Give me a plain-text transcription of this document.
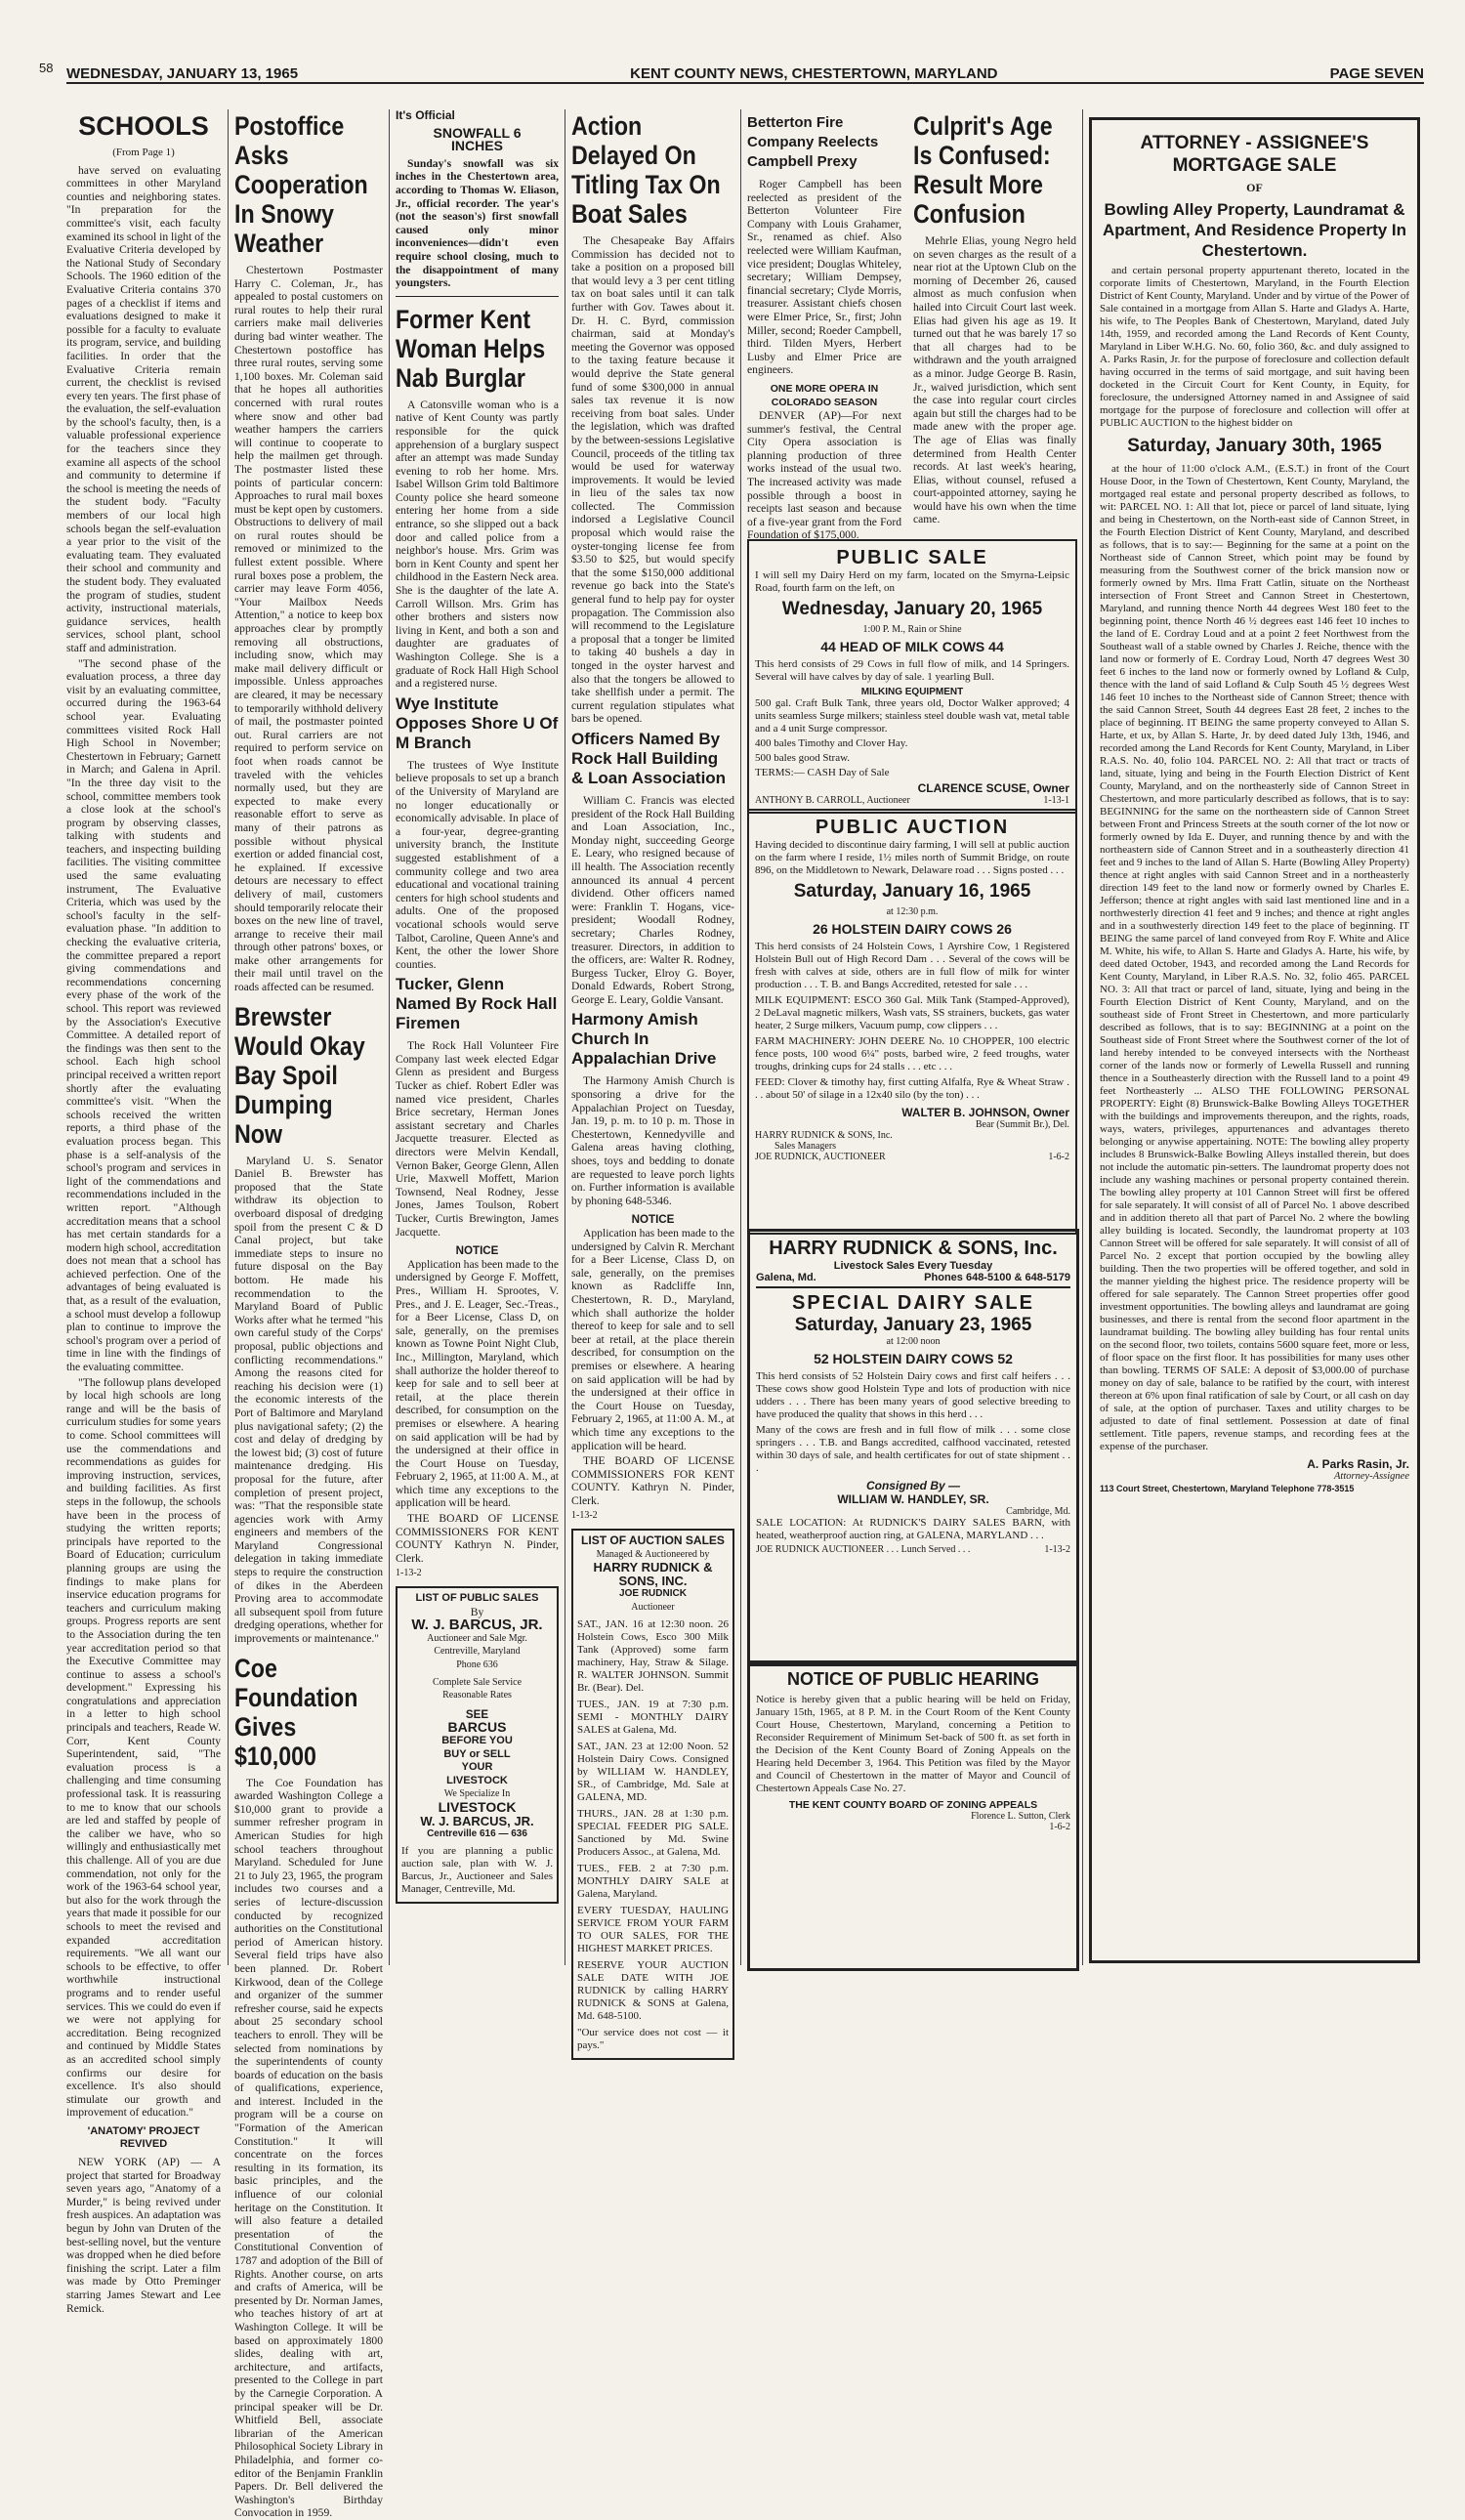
58 WEDNESDAY, JANUARY 13, 1965	KENT COUNTY NEWS, CHESTERTOWN, MARYLAND	PAGE SEVEN
SCHOOLS
(From Page 1)

have served on evaluating committees in other Maryland counties and neighboring states. "In preparation for the committee's visit, each faculty examined its school in light of the Evaluative Criteria developed by the National Study of Secondary Schools. The 1960 edition of the Evaluative Criteria contains 370 pages of a checklist if items and evaluations designed to make it possible for a faculty to evaluate its program, service, and building facilities. In order that the Evaluative Criteria remain current, the checklist is revised every ten years. The first phase of the evaluation, the self-evaluation by the school's faculty, then, is a valuable professional experience for the teachers since they examine all aspects of the school and community to determine if the school is meeting the needs of the student body. "Faculty members of our local high schools began the self-evaluation a year prior to the visit of the evaluating team. They evaluated their school and community and the student body. They evaluated the program of studies, student activity, instructional materials, guidance services, health services, school plant, school staff and administration.

"The second phase of the evaluation process, a three day visit by an evaluating committee, occurred during the 1963-64 school year. Evaluating committees visited Rock Hall High School in November; Chestertown in February; Garnett in March; and Galena in April. "In the three day visit to the school, committee members took a close look at the school's program by observing classes, talking with students and teachers, and inspecting building facilities. The visiting committee used the same evaluating instrument, The Evaluative Criteria, which was used by the school's faculty in the self-evaluation phase. "In addition to checking the evaluative criteria, the committee prepared a report giving commendations and recommendations concerning every phase of the work of the school. This report was reviewed by the Association's Executive Committee. A detailed report of the findings was then sent to the school. Each high school principal received a written report shortly after the evaluating committee's visit. "When the schools received the written reports, a third phase of the evaluation process began. This phase is a self-analysis of the school's program and services in light of the commendations and recommendations included in the written report. "Although accreditation means that a school has met certain standards for a modern high school, accreditation does not mean that a school has achieved perfection. One of the advantages of being evaluated is that, as a result of the evaluation, a school must develop a followup plan to continue to improve the school's program over a period of time in line with the findings of the evaluating committee.

"The followup plans developed by local high schools are long range and will be the basis of curriculum studies for some years to come. School committees will use the commendations and recommendations as guides for improving instruction, services, and building facilities. As first steps in the followup, the schools have been in the process of studying the written reports; principals have reported to the Board of Education; curriculum planning groups are using the findings to make plans for inservice education programs for teachers and curriculum making groups. Progress reports are sent to the Association during the ten year accreditation period so that the Executive Committee may continue to assess a school's development." Expressing his congratulations and appreciation in a letter to high school principals and teachers, Reade W. Corr, Kent County Superintendent, said, "The evaluation process is a challenging and time consuming professional task. It is reassuring to me to know that our schools are led and staffed by people of the caliber we have, who so willingly and enthusiastically met this challenge. All of you are due commendation, not only for the work of the 1963-64 school year, but also for the work through the years that made it possible for our schools to meet the revised and expanded accreditation requirements. "We all want our schools to be effective, to offer worthwhile instructional programs and to render useful services. This we could do even if we were not applying for accreditation. Being recognized and continued by Middle States as an accredited school simply confirms our desire for excellence. It's also should stimulate our growth and improvement of education."

'ANATOMY' PROJECT REVIVED

NEW YORK (AP) — A project that started for Broadway seven years ago, "Anatomy of a Murder," is being revived under fresh auspices. An adaptation was begun by John van Druten of the best-selling novel, but the venture was dropped when he died before finishing the script. Later a film was made by Otto Preminger starring James Stewart and Lee Remick.

Postoffice Asks Cooperation In Snowy Weather

Chestertown Postmaster Harry C. Coleman, Jr., has appealed to postal customers on rural routes to help their rural carriers make mail deliveries during bad winter weather. The Chestertown postoffice has three rural routes, serving some 1,100 boxes. Mr. Coleman said that he hopes all authorities concerned with rural routes where snow and other bad weather hampers the carriers will continue to cooperate to help the mailmen get through. The postmaster listed these points of particular concern: Approaches to rural mail boxes must be kept open by customers. Obstructions to delivery of mail on rural routes should be removed or minimized to the fullest extent possible. Where rural boxes pose a problem, the carrier may leave Form 4056, "Your Mailbox Needs Attention," a notice to keep box approaches clear by promptly removing all obstructions, including snow, which may make mail delivery difficult or impossible. Unless approaches are cleared, it may be necessary to temporarily withhold delivery of mail, the postmaster pointed out. Rural carriers are not required to perform service on foot when roads cannot be traveled with the vehicles normally used, but they are expected to make every reasonable effort to serve as many of their patrons as possible without physical exertion or added financial cost, he explained. If excessive detours are necessary to effect delivery of mail, customers should temporarily relocate their boxes on the new line of travel, arrange to receive their mail through other patrons' boxes, or make other arrangements for their mail until travel on the roads affected can be resumed.

Brewster Would Okay Bay Spoil Dumping Now

Maryland U. S. Senator Daniel B. Brewster has proposed that the State withdraw its objection to overboard disposal of dredging spoil from the present C & D Canal project, but take immediate steps to insure no future disposal on the Bay bottom. He made his recommendation to the Maryland Board of Public Works after what he termed "his own careful study of the Corps' proposal, public objections and conflicting recommendations." Among the reasons cited for reaching his decision were (1) the economic interests of the Port of Baltimore and Maryland plus navigational safety; (2) the cost and delay of dredging by the lowest bid; (3) cost of future maintenance dredging. His proposal for the future, after completion of present project, was: "That the responsible state agencies work with Army engineers and members of the Maryland Congressional delegation in taking immediate steps to require the construction of dikes in the Aberdeen Proving area to accommodate all subsequent spoil from future dredging operations, whether for improvements or maintenance."

Coe Foundation Gives $10,000

The Coe Foundation has awarded Washington College a $10,000 grant to provide a summer refresher program in American Studies for high school teachers throughout Maryland. Scheduled for June 21 to July 23, 1965, the program includes two courses and a series of lecture-discussion conducted by recognized authorities on the Constitutional period of American history. Several field trips have also been planned. Dr. Robert Kirkwood, dean of the College and organizer of the summer refresher course, said he expects about 25 secondary school teachers to enroll. They will be selected from nominations by the superintendents of county boards of education on the basis of qualifications, experience, and interest. Included in the program will be a course on "Formation of the American Constitution." It will concentrate on the forces resulting in its formation, its basic principles, and the influence of our colonial heritage on the Constitution. It will also feature a detailed presentation of the Constitutional Convention of 1787 and adoption of the Bill of Rights. Another course, on arts and crafts of America, will be presented by Dr. Norman James, who teaches history of art at Washington College. It will be based on approximately 1800 slides, dealing with art, architecture, and artifacts, presented to the College in part by the Carnegie Corporation. A principal speaker will be Dr. Whitfield Bell, associate librarian of the American Philosophical Society Library in Philadelphia, and former co-editor of the Benjamin Franklin Papers. Dr. Bell delivered the Washington's Birthday Convocation in 1959.

It's Official
SNOWFALL 6 INCHES

Sunday's snowfall was six inches in the Chestertown area, according to Thomas W. Eliason, Jr., official recorder. The year's (not the season's) first snowfall caused only minor inconveniences—didn't even require school closing, much to the disappointment of many youngsters.

Former Kent Woman Helps Nab Burglar

A Catonsville woman who is a native of Kent County was partly responsible for the quick apprehension of a burglary suspect after an attempt was made Sunday evening to rob her home. Mrs. Isabel Willson Grim told Baltimore County police she heard someone entering her home from a side entrance, so she slipped out a back door and called police from a neighbor's house. Mrs. Grim was born in Kent County and spent her childhood in the Eastern Neck area. She is the daughter of the late A. Carroll Willson. Mrs. Grim has other brothers and sisters now living in Kent, and both a son and daughter are graduates of Washington College. She is a graduate of Rock Hall High School and a registered nurse.

Wye Institute Opposes Shore U Of M Branch

The trustees of Wye Institute believe proposals to set up a branch of the University of Maryland are no longer educationally or economically advisable. In place of a four-year, degree-granting university branch, the Institute suggested establishment of a community college and two area educational and vocational training centers for high school students and adults. One of the proposed vocational schools would serve Talbot, Caroline, Queen Anne's and Kent, the other the lower Shore counties.

Tucker, Glenn Named By Rock Hall Firemen

The Rock Hall Volunteer Fire Company last week elected Edgar Glenn as president and Burgess Tucker as chief. Robert Edler was named vice president, Charles Brice secretary, Herman Jones assistant secretary and Charles Jacquette treasurer. Elected as directors were Melvin Kendall, Vernon Baker, George Glenn, Allen Urie, Maxwell Moffett, Marion Townsend, Neal Rodney, Jesse Jones, James Toulson, Robert Tucker, Curtis Brewington, James Jacquette.

NOTICE

Application has been made to the undersigned by George F. Moffett, Pres., William H. Sprootes, V. Pres., and J. E. Leager, Sec.-Treas., for a Beer License, Class D, on sale, generally, on the premises known as Towne Point Night Club, Inc., Millington, Maryland, which shall authorize the holder thereof to keep for sale and to sell beer at retail, at the place therein described, for consumption on the premises or elsewhere. A hearing on said application will be had by the undersigned at their office in the Court House on Tuesday, February 2, 1965, at 11:00 A. M., at which time any exceptions to the application will be heard.

THE BOARD OF LICENSE COMMISSIONERS FOR KENT COUNTY Kathryn N. Pinder, Clerk.

1-13-2
LIST OF PUBLIC SALES
By
W. J. BARCUS, JR.
Auctioneer and Sale Mgr.
Centreville, Maryland
Phone 636
Complete Sale Service
Reasonable Rates
SEE
BARCUS
BEFORE YOU
BUY or SELL
YOUR
LIVESTOCK
We Specialize In
LIVESTOCK
W. J. BARCUS, JR.
Centreville 616 — 636

If you are planning a public auction sale, plan with W. J. Barcus, Jr., Auctioneer and Sales Manager, Centreville, Md.

Action Delayed On Titling Tax On Boat Sales

The Chesapeake Bay Affairs Commission has decided not to take a position on a proposed bill that would levy a 3 per cent titling tax on boat sales until it can talk further with Gov. Tawes about it. Dr. H. C. Byrd, commission chairman, said at Monday's meeting the Governor was opposed to the taxing feature because it would deprive the State general fund of some $300,000 in annual sales tax revenue it is now receiving from boat sales. Under the legislation, which was drafted by the between-sessions Legislative Council, proceeds of the titling tax would be used for waterway improvements. It would be levied in lieu of the sales tax now collected. The Commission indorsed a Legislative Council proposal which would raise the oyster-tonging license fee from $3.50 to $25, but would specify that the some $150,000 additional revenue go back into the State's general fund to help pay for oyster propagation. The Commission also will recommend to the Legislature a proposal that a tonger be limited to taking 40 bushels a day in tonged in the oyster harvest and also that the tongers be allowed to take shellfish under a permit. The current regulation stipulates what bars be opened.

Officers Named By Rock Hall Building & Loan Association

William C. Francis was elected president of the Rock Hall Building and Loan Association, Inc., Monday night, succeeding George E. Leary, who resigned because of ill health. The Association recently announced its annual 4 percent dividend. Other officers named were: Franklin T. Hogans, vice-president; Woodall Rodney, secretary; Charles Rodney, treasurer. Directors, in addition to the officers, are: Walter R. Rodney, Burgess Tucker, Elroy G. Boyer, Donald Edwards, Robert Strong, George E. Leary, Goldie Vansant.

Harmony Amish Church In Appalachian Drive

The Harmony Amish Church is sponsoring a drive for the Appalachian Project on Tuesday, Jan. 19, p. m. to 10 p. m. Those in Chestertown, Kennedyville and Galena areas having clothing, shoes, toys and bedding to donate are requested to leave porch lights on. Further information is available by phoning 648-5346.

NOTICE

Application has been made to the undersigned by Calvin R. Merchant for a Beer License, Class D, on sale, generally, on the premises known as Radcliffe Inn, Chestertown, R. D., Maryland, which shall authorize the holder thereof to keep for sale and to sell beer at retail, at the place therein described, for consumption on the premises or elsewhere. A hearing on said application will be had by the undersigned at their office in the Court House on Tuesday, February 2, 1965, at 11:00 A. M., at which time any exceptions to the application will be heard.

THE BOARD OF LICENSE COMMISSIONERS FOR KENT COUNTY. Kathryn N. Pinder, Clerk.

1-13-2
LIST OF AUCTION SALES
Managed & Auctioneered by
HARRY RUDNICK & SONS, INC.
JOE RUDNICK
Auctioneer

SAT., JAN. 16 at 12:30 noon. 26 Holstein Cows, Esco 300 Milk Tank (Approved) some farm machinery, Hay, Straw & Silage. R. WALTER JOHNSON. Summit Br. (Bear). Del.

TUES., JAN. 19 at 7:30 p.m. SEMI - MONTHLY DAIRY SALES at Galena, Md.

SAT., JAN. 23 at 12:00 Noon. 52 Holstein Dairy Cows. Consigned by WILLIAM W. HANDLEY, SR., of Cambridge, Md. Sale at GALENA, MD.

THURS., JAN. 28 at 1:30 p.m. SPECIAL FEEDER PIG SALE. Sanctioned by Md. Swine Producers Assoc., at Galena, Md.

TUES., FEB. 2 at 7:30 p.m. MONTHLY DAIRY SALE at Galena, Maryland.

EVERY TUESDAY, HAULING SERVICE FROM YOUR FARM TO OUR SALES, FOR THE HIGHEST MARKET PRICES.

RESERVE YOUR AUCTION SALE DATE WITH JOE RUDNICK by calling HARRY RUDNICK & SONS at Galena, Md. 648-5100.

"Our service does not cost — it pays."

Betterton Fire Company Reelects Campbell Prexy

Roger Campbell has been reelected as president of the Betterton Volunteer Fire Company with Louis Grahamer, Sr., renamed as chief. Also reelected were William Kaufman, vice president; Douglas Whiteley, secretary; William Dempsey, financial secretary; Clyde Morris, treasurer. Assistant chiefs chosen were Elmer Price, Sr., first; John Miller, second; Roeder Campbell, third. Tilden Myers, Herbert Lusby and Elmer Price are engineers.

ONE MORE OPERA IN COLORADO SEASON

DENVER (AP)—For next summer's festival, the Central City Opera association is planning production of three works instead of the usual two. The increased activity was made possible through a boost in receipts last season and because of a five-year grant from the Ford Foundation of $175,000.

Culprit's Age Is Confused: Result More Confusion

Mehrle Elias, young Negro held on seven charges as the result of a near riot at the Uptown Club on the morning of December 26, caused almost as much confusion when hailed into Circuit Court last week. Elias had given his age as 19. It turned out that he was barely 17 so that all charges had to be withdrawn and the youth arraigned as a minor. Judge George B. Rasin, Jr., waived jurisdiction, which sent the case into regular court circles again but still the charges had to be made anew with the proper age. The age of Elias was finally determined from Health Center records. At last week's hearing, Elias, without counsel, refused a court-appointed attorney, saying he would have his own when the time came.

PUBLIC SALE

I will sell my Dairy Herd on my farm, located on the Smyrna-Leipsic Road, fourth farm on the left, on

Wednesday, January 20, 1965
1:00 P. M., Rain or Shine
44 HEAD OF MILK COWS 44

This herd consists of 29 Cows in full flow of milk, and 14 Springers. Several will have calves by day of sale. 1 yearling Bull.

MILKING EQUIPMENT

500 gal. Craft Bulk Tank, three years old, Doctor Walker approved; 4 units seamless Surge milkers; stainless steel double wash vat, metal table and a 4 unit Surge compressor.

400 bales Timothy and Clover Hay.

500 bales good Straw.

TERMS:— CASH Day of Sale

CLARENCE SCUSE, Owner
ANTHONY B. CARROLL, Auctioneer	1-13-1
PUBLIC AUCTION

Having decided to discontinue dairy farming, I will sell at public auction on the farm where I reside, 1½ miles north of Summit Bridge, on route 896, on the Middletown to Newark, Delaware road . . . Signs posted . . .

Saturday, January 16, 1965
at 12:30 p.m.
26 HOLSTEIN DAIRY COWS 26

This herd consists of 24 Holstein Cows, 1 Ayrshire Cow, 1 Registered Holstein Bull out of High Record Dam . . . Several of the cows will be fresh with calves at side, others are in full flow of milk for winter production . . . T. B. and Bangs Accredited, retested for sale . . .

MILK EQUIPMENT: ESCO 360 Gal. Milk Tank (Stamped-Approved), 2 DeLaval magnetic milkers, Wash vats, SS strainers, buckets, gas water heater, 2 Surge milkers, Vacuum pump, cow clippers . . .

FARM MACHINERY: JOHN DEERE No. 10 CHOPPER, 100 electric fence posts, 100 wood 6¼" posts, barbed wire, 2 feed troughs, water troughs, drinking cups for 24 stalls . . . etc . . .

FEED: Clover & timothy hay, first cutting Alfalfa, Rye & Wheat Straw . . . about 50' of silage in a 12x40 silo (by the ton) . . .

WALTER B. JOHNSON, Owner
Bear (Summit Br.), Del.
HARRY RUDNICK & SONS, Inc.
Sales Managers
JOE RUDNICK, AUCTIONEER	1-6-2
HARRY RUDNICK & SONS, Inc.
Livestock Sales Every Tuesday
Galena, Md.	Phones 648-5100 & 648-5179
SPECIAL DAIRY SALE
Saturday, January 23, 1965
at 12:00 noon
52 HOLSTEIN DAIRY COWS 52

This herd consists of 52 Holstein Dairy cows and first calf heifers . . . These cows show good Holstein Type and lots of production with nice udders . . . There has been many years of good selective breeding to have produced the quality that shows in this herd . . .

Many of the cows are fresh and in full flow of milk . . . some close springers . . . T.B. and Bangs accredited, calfhood vaccinated, retested within 30 days of sale, and health certificates for out of state shipment . . .

Consigned By —
WILLIAM W. HANDLEY, SR.
Cambridge, Md.

SALE LOCATION: At RUDNICK'S DAIRY SALES BARN, with heated, weatherproof auction ring, at GALENA, MARYLAND . . .

JOE RUDNICK AUCTIONEER . . . Lunch Served . . .	1-13-2
NOTICE OF PUBLIC HEARING

Notice is hereby given that a public hearing will be held on Friday, January 15th, 1965, at 8 P. M. in the Court Room of the Kent County Court House, Chestertown, Maryland, concerning a Petition to Reconsider Requirement of Minimum Set-back of 500 ft. as set forth in the Decision of the Kent County Board of Zoning Appeals on the Hearing held December 3, 1964. This Petition was filed by the Mayor and Council of Chestertown in the matter of Mayor and Council of Chestertown Appeals Case No. 27.

THE KENT COUNTY BOARD OF ZONING APPEALS
Florence L. Sutton, Clerk
1-6-2
ATTORNEY - ASSIGNEE'S MORTGAGE SALE
OF
Bowling Alley Property, Laundramat & Apartment, And Residence Property In Chestertown.

and certain personal property appurtenant thereto, located in the corporate limits of Chestertown, Maryland, in the Fourth Election District of Kent County, Maryland. Under and by virtue of the Power of Sale contained in a mortgage from Allan S. Harte and Gladys A. Harte, his wife, to The Peoples Bank of Chestertown, Maryland, dated July 14th, 1959, and recorded among the Land Records of Kent County, Maryland in Liber W.H.G. No. 60, folio 360, &c. and duly assigned to A. Parks Rasin, Jr. for the purpose of foreclosure and collection default having occurred in the terms of said mortgage, and suit having been docketed in the Circuit Court for Kent County, in Equity, for foreclosure, the undersigned Attorney named in and Assignee of said mortgage for the purpose of foreclosure and collection will offer at PUBLIC AUCTION to the highest bidder on

Saturday, January 30th, 1965

at the hour of 11:00 o'clock A.M., (E.S.T.) in front of the Court House Door, in the Town of Chestertown, Kent County, Maryland, the mortgaged real estate and personal property described as follows, to wit: PARCEL NO. 1: All that lot, piece or parcel of land situate, lying and being in Chestertown, on the North-east side of Cannon Street, in the Fourth Election District of Kent County, Maryland, and described as follows, that is to say:— Beginning for the same at a point on the Northeast side of Cannon Street, which point may be found by measuring from the Southwest corner of the brick mansion now or formerly owned by Mrs. Ilma Fratt Catlin, situate on the Northeast intersection of Front Street and Cannon Street in Chestertown, Maryland, and running thence North 44 degrees West 180 feet to the beginning point, thence North 46 ½ degrees east 146 feet 10 inches to the land of E. Cordray Loud and at a point 2 feet Northwest from the Southeast wall of a stable owned by Charles J. Reiche, thence with the land now or formerly of E. Cordray Loud, North 47 degrees West 30 feet 6 inches to the land now or formerly owned by Lofland & Culp, thence with the land of said Lofland & Culp South 45 ½ degrees West 146 feet 10 inches to the Northeast side of Cannon Street; thence with the said Cannon Street, South 44 degrees East 28 feet, 2 inches to the place of beginning. IT BEING the same property conveyed to Allan S. Harte, et ux, by Allan S. Harte, Jr. by deed dated July 13th, 1946, and recorded among the Land Records for Kent County, Maryland, in Liber R.A.S. No. 40, folio 104. PARCEL NO. 2: All that tract or tracts of land, situate, lying and being in the Fourth Election District of Kent County, Maryland, and on the northeasterly side of Cannon Street in Chestertown, and more particularly described as follows, that is to say: BEGINNING for the same on the northeastern side of Cannon Street between Front and Princess Streets at the south corner of the lot now or formerly owned by Ida E. Duyer, and running thence by and with the northeastern side of Cannon Street and in a southeasterly direction 41 feet and 9 inches to the land of Allan S. Harte (Bowling Alley Property) thence at right angles with said Cannon Street and in a northeasterly direction 149 feet to the land now or formerly owned by Charles E. Jefferson; thence at right angles with said last mentioned line and in a northwesterly direction 41 feet and 9 inches; and thence at right angles and in a southwesterly direction 149 feet to the place of beginning. IT BEING the same parcel of land conveyed from Roy F. White and Alice M. White, his wife, to Allan S. Harte and Gladys A. Harte, his wife, by deed dated October, 1943, and recorded among the Land Records for Kent County, Maryland, in Liber R.A.S. No. 32, folio 465. PARCEL NO. 3: All that tract or parcel of land, situate, lying and being in the Fourth Election District of Kent County, Maryland, and on the southeast side of Front Street in Chestertown, and more particularly described as follows, that is to say: BEGINNING at a point on the Southeast side of Front Street where the Southwest corner of the lot of land hereby intended to be conveyed intersects with the Northeast corner of the lands now or formerly of Lewella Russell and running thence in a Southeasterly direction with the Russell land to a point 49 feet Northeasterly ... ALSO THE FOLLOWING PERSONAL PROPERTY: Eight (8) Brunswick-Balke Bowling Alleys TOGETHER with the buildings and improvements thereupon, and the rights, roads, ways, waters, privileges, appurtenances and advantages thereto belonging or anywise appertaining. NOTE: The bowling alley property includes 8 Brunswick-Balke Bowling Alleys installed therein, but does not include the automatic pin-setters. The laundromat property does not include any washing machines or personal property contained therein. The bowling alley property at 101 Cannon Street will first be offered for sale separately. It will consist of all of Parcel No. 1 above described and in addition thereto all that part of Parcel No. 2 where the bowling alley building is located. Secondly, the laundromat property at 103 Cannon Street will be offered for sale separately. It will consist of all of Parcel No. 2 except that portion occupied by the bowling alley building. Then the two properties will be offered together, and sold in the manner yielding the highest price. The residence property will be offered for sale separately. The Cannon Street properties offer good investment opportunities. The bowling alleys and laundramat are going businesses, and there is rental from the second floor apartment in the laundramat building. The bowling alley building has four rental units on the second floor, two toilets, contains 5600 square feet, more or less, of floor space on the first floor. It has possibilities for many uses other than bowling. TERMS OF SALE: A deposit of $3,000.00 of purchase money on day of sale, balance to be ratified by the court, with interest thereon at 6% upon final ratification of sale by Court, or all cash on day of sale, at the option of purchaser. Taxes and utility charges to be adjusted to date of final settlement. Possession at date of final settlement. Title papers, revenue stamps, and recording fees at the expense of the purchaser.

A. Parks Rasin, Jr.
Attorney-Assignee
113 Court Street, Chestertown, Maryland Telephone 778-3515
